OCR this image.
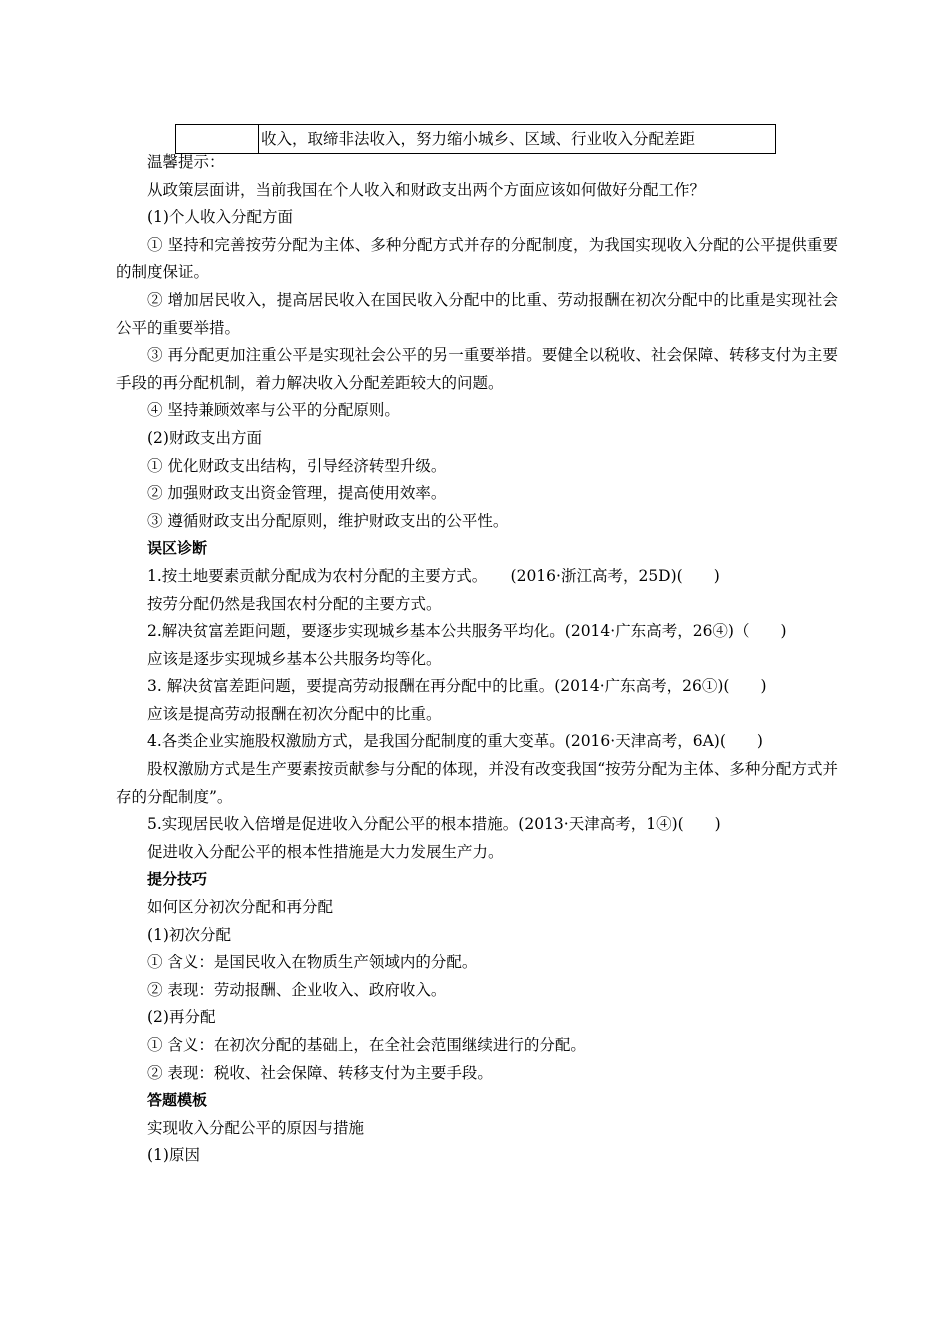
	收入，取缔非法收入，努力缩小城乡、区域、行业收入分配差距

温馨提示：

从政策层面讲，当前我国在个人收入和财政支出两个方面应该如何做好分配工作？

(1)个人收入分配方面

① 坚持和完善按劳分配为主体、多种分配方式并存的分配制度，为我国实现收入分配的公平提供重要的制度保证。

② 增加居民收入，提高居民收入在国民收入分配中的比重、劳动报酬在初次分配中的比重是实现社会公平的重要举措。

③ 再分配更加注重公平是实现社会公平的另一重要举措。要健全以税收、社会保障、转移支付为主要手段的再分配机制，着力解决收入分配差距较大的问题。

④ 坚持兼顾效率与公平的分配原则。

(2)财政支出方面

① 优化财政支出结构，引导经济转型升级。

② 加强财政支出资金管理，提高使用效率。

③ 遵循财政支出分配原则，维护财政支出的公平性。

误区诊断

1.按土地要素贡献分配成为农村分配的主要方式。　　(2016·浙江高考，25D)(　　)

按劳分配仍然是我国农村分配的主要方式。

2.解决贫富差距问题，要逐步实现城乡基本公共服务平均化。(2014·广东高考，26④)（　　)

应该是逐步实现城乡基本公共服务均等化。

3. 解决贫富差距问题，要提高劳动报酬在再分配中的比重。(2014·广东高考，26①)(　　)

应该是提高劳动报酬在初次分配中的比重。

4.各类企业实施股权激励方式，是我国分配制度的重大变革。(2016·天津高考，6A)(　　)

股权激励方式是生产要素按贡献参与分配的体现，并没有改变我国“按劳分配为主体、多种分配方式并存的分配制度”。

5.实现居民收入倍增是促进收入分配公平的根本措施。(2013·天津高考，1④)(　　)

促进收入分配公平的根本性措施是大力发展生产力。

提分技巧

如何区分初次分配和再分配

(1)初次分配

① 含义：是国民收入在物质生产领域内的分配。

② 表现：劳动报酬、企业收入、政府收入。

(2)再分配

① 含义：在初次分配的基础上，在全社会范围继续进行的分配。

② 表现：税收、社会保障、转移支付为主要手段。

答题模板

实现收入分配公平的原因与措施

(1)原因
